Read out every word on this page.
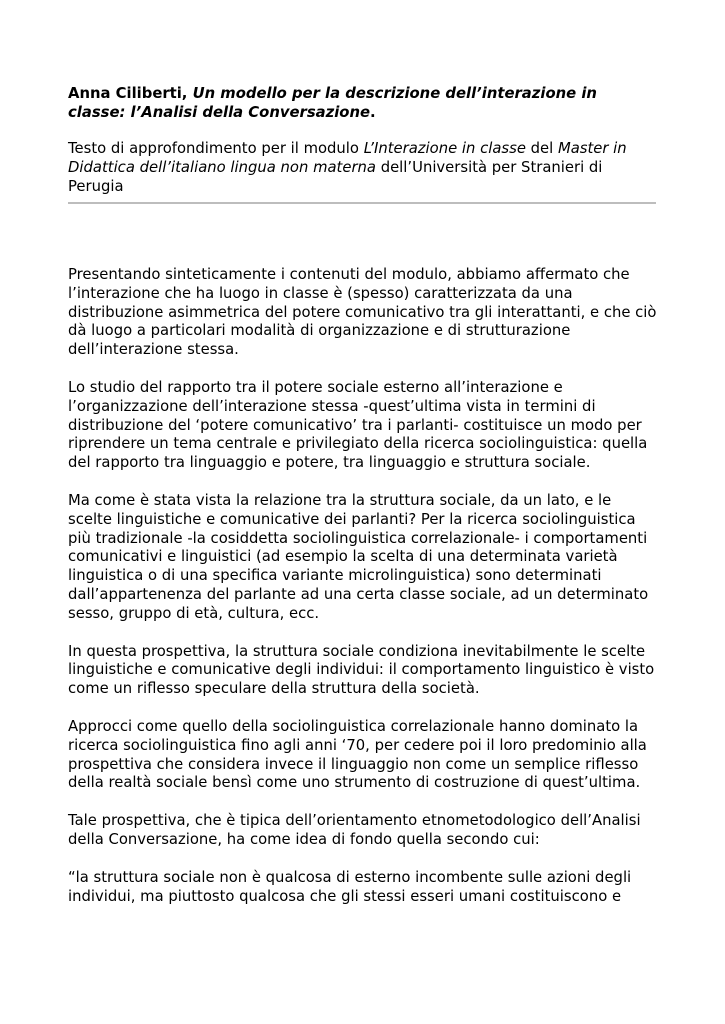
Anna Ciliberti, Un modello per la descrizione dell’interazione in classe: l’Analisi della Conversazione.

Testo di approfondimento per il modulo L’Interazione in classe del Master in Didattica dell’italiano lingua non materna dell’Università per Stranieri di Perugia

Presentando sinteticamente i contenuti del modulo, abbiamo affermato che l’interazione che ha luogo in classe è (spesso) caratterizzata da una distribuzione asimmetrica del potere comunicativo tra gli interattanti, e che ciò dà luogo a particolari modalità di organizzazione e di strutturazione dell’interazione stessa.

Lo studio del rapporto tra il potere sociale esterno all’interazione e l’organizzazione dell’interazione stessa -quest’ultima vista in termini di distribuzione del ‘potere comunicativo’ tra i parlanti- costituisce un modo per riprendere un tema centrale e privilegiato della ricerca sociolinguistica: quella del rapporto tra linguaggio e potere, tra linguaggio e struttura sociale.

Ma come è stata vista la relazione tra la struttura sociale, da un lato, e le scelte linguistiche e comunicative dei parlanti? Per la ricerca sociolinguistica più tradizionale -la cosiddetta sociolinguistica correlazionale- i comportamenti comunicativi e linguistici (ad esempio la scelta di una determinata varietà linguistica o di una specifica variante microlinguistica) sono determinati dall’appartenenza del parlante ad una certa classe sociale, ad un determinato sesso, gruppo di età, cultura, ecc.

In questa prospettiva, la struttura sociale condiziona inevitabilmente le scelte linguistiche e comunicative degli individui: il comportamento linguistico è visto come un riflesso speculare della struttura della società.

Approcci come quello della sociolinguistica correlazionale hanno dominato la ricerca sociolinguistica fino agli anni ‘70, per cedere poi il loro predominio alla prospettiva che considera invece il linguaggio non come un semplice riflesso della realtà sociale bensì come uno strumento di costruzione di quest’ultima.

Tale prospettiva, che è tipica dell’orientamento etnometodologico dell’Analisi della Conversazione, ha come idea di fondo quella secondo cui:

“la struttura sociale non è qualcosa di esterno incombente sulle azioni degli individui, ma piuttosto qualcosa che gli stessi esseri umani costituiscono e
